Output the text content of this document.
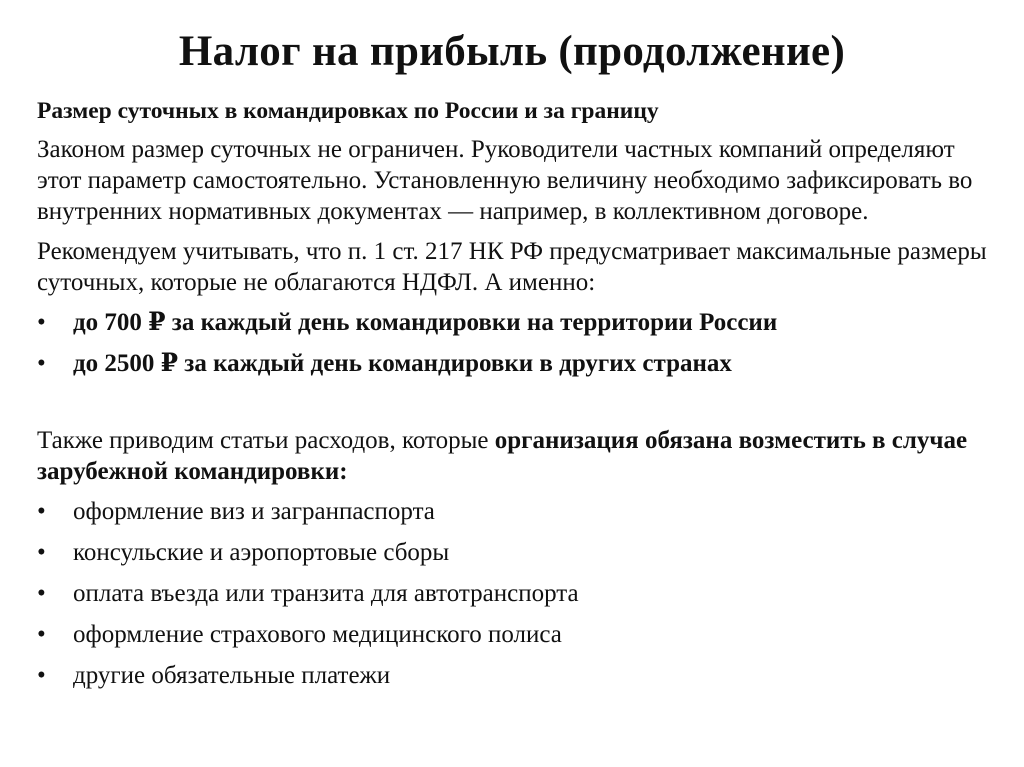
Налог на прибыль (продолжение)
Размер суточных в командировках по России и за границу
Законом размер суточных не ограничен. Руководители частных компаний определяют этот параметр самостоятельно. Установленную величину необходимо зафиксировать во внутренних нормативных документах — например, в коллективном договоре.
Рекомендуем учитывать, что п. 1 ст. 217 НК РФ предусматривает максимальные размеры суточных, которые не облагаются НДФЛ. А именно:
• до 700 ₽ за каждый день командировки на территории России
• до 2500 ₽ за каждый день командировки в других странах
Также приводим статьи расходов, которые организация обязана возместить в случае зарубежной командировки:
• оформление виз и загранпаспорта
• консульские и аэропортовые сборы
• оплата въезда или транзита для автотранспорта
• оформление страхового медицинского полиса
• другие обязательные платежи
